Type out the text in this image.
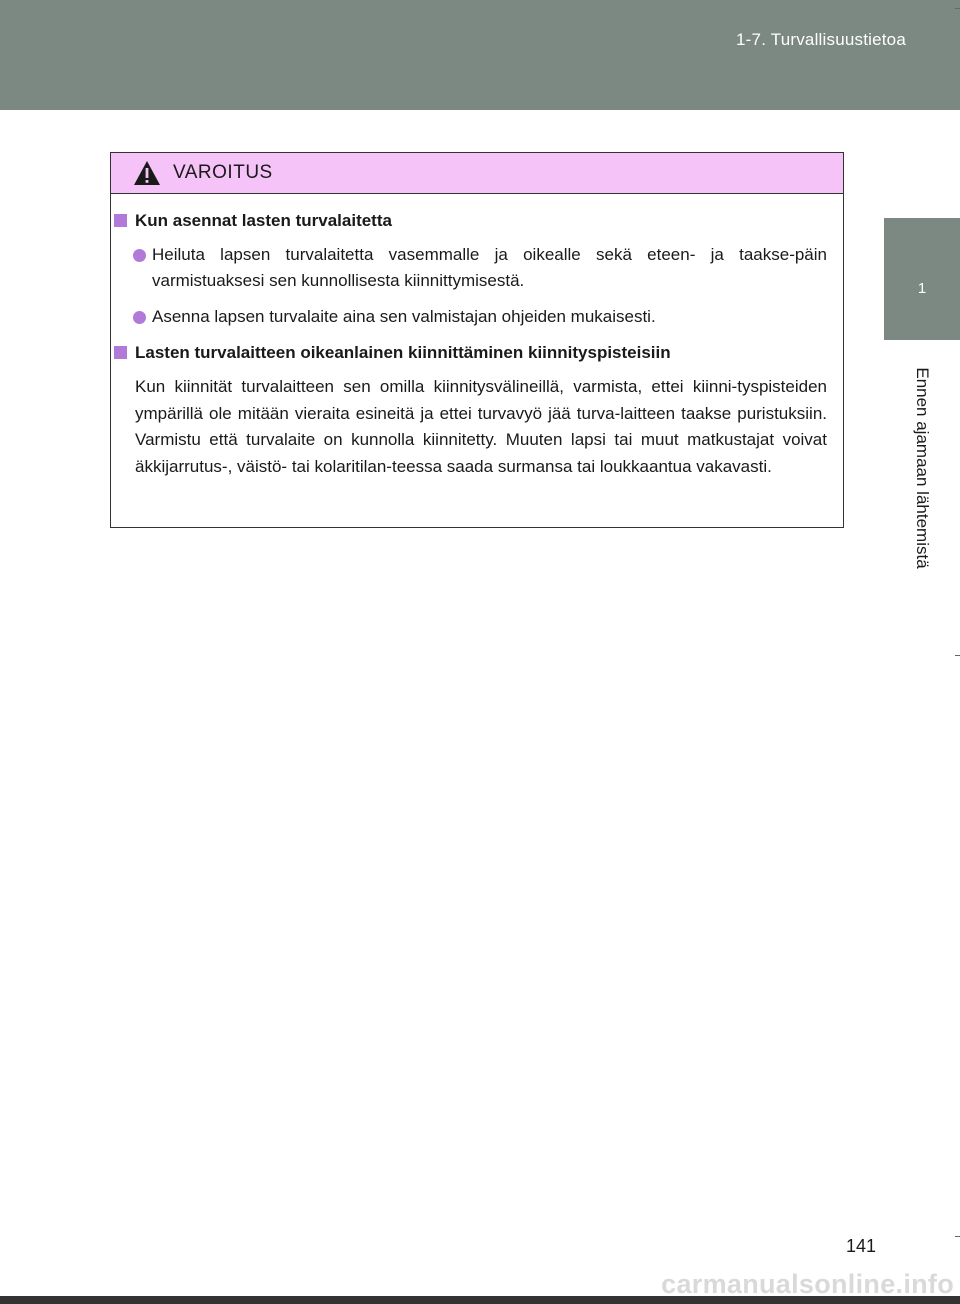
1-7. Turvallisuustietoa
1
Ennen ajamaan lähtemistä
VAROITUS
Kun asennat lasten turvalaitetta
Heiluta lapsen turvalaitetta vasemmalle ja oikealle sekä eteen- ja taakse-päin varmistuaksesi sen kunnollisesta kiinnittymisestä.
Asenna lapsen turvalaite aina sen valmistajan ohjeiden mukaisesti.
Lasten turvalaitteen oikeanlainen kiinnittäminen kiinnityspisteisiin
Kun kiinnität turvalaitteen sen omilla kiinnitysvälineillä, varmista, ettei kiinni-tyspisteiden ympärillä ole mitään vieraita esineitä ja ettei turvavyö jää turva-laitteen taakse puristuksiin. Varmistu että turvalaite on kunnolla kiinnitetty. Muuten lapsi tai muut matkustajat voivat äkkijarrutus-, väistö- tai kolaritilan-teessa saada surmansa tai loukkaantua vakavasti.
141
carmanualsonline.info
